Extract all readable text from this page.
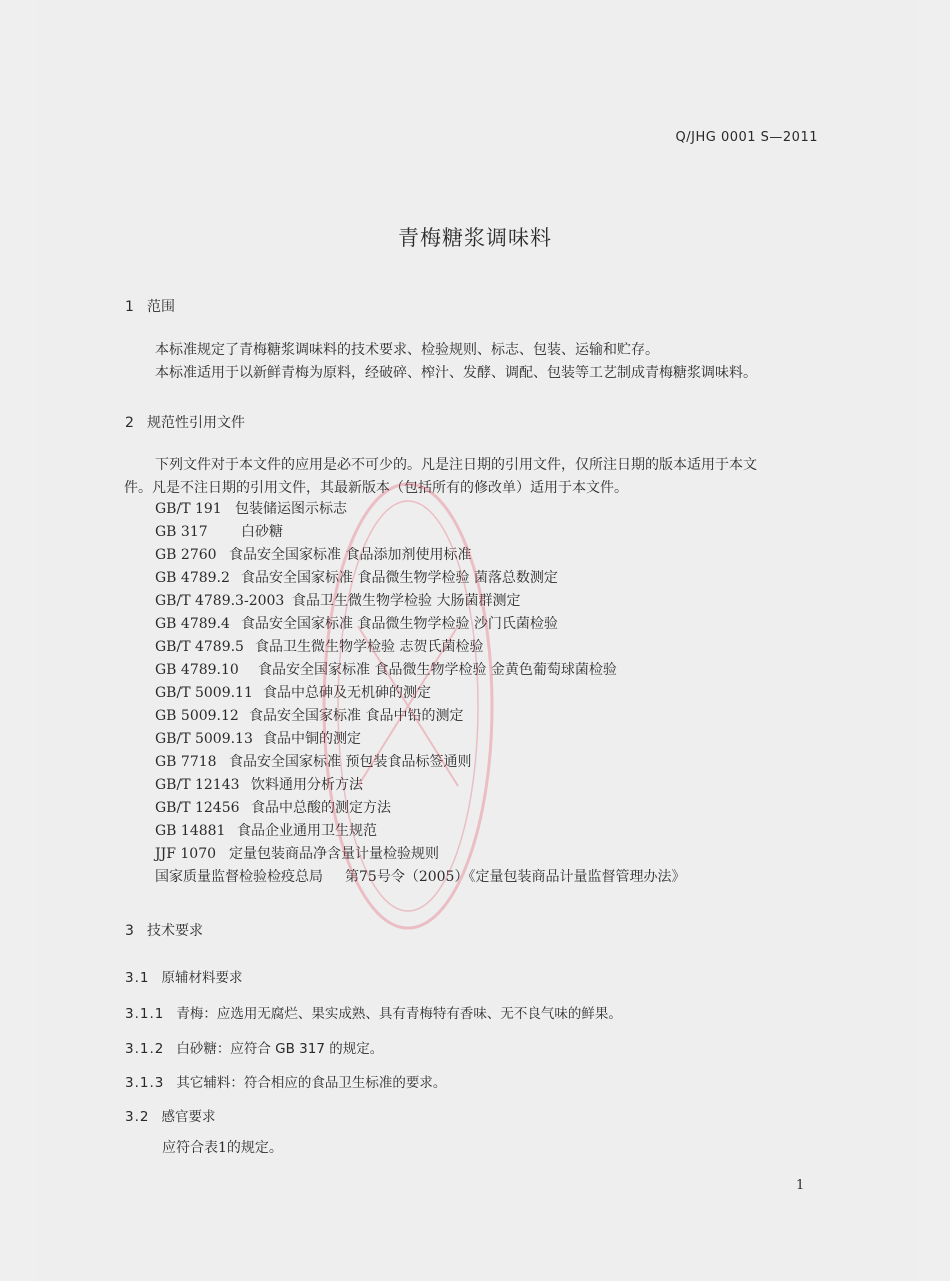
Q/JHG 0001 S—2011
青梅糖浆调味料
1 范围
本标准规定了青梅糖浆调味料的技术要求、检验规则、标志、包装、运输和贮存。
本标准适用于以新鲜青梅为原料，经破碎、榨汁、发酵、调配、包装等工艺制成青梅糖浆调味料。
2 规范性引用文件
下列文件对于本文件的应用是必不可少的。凡是注日期的引用文件，仅所注日期的版本适用于本文
件。凡是不注日期的引用文件，其最新版本（包括所有的修改单）适用于本文件。
GB/T 191 包装储运图示标志
GB 317 白砂糖
GB 2760 食品安全国家标准 食品添加剂使用标准
GB 4789.2 食品安全国家标准 食品微生物学检验 菌落总数测定
GB/T 4789.3-2003 食品卫生微生物学检验 大肠菌群测定
GB 4789.4 食品安全国家标准 食品微生物学检验 沙门氏菌检验
GB/T 4789.5 食品卫生微生物学检验 志贺氏菌检验
GB 4789.10 食品安全国家标准 食品微生物学检验 金黄色葡萄球菌检验
GB/T 5009.11 食品中总砷及无机砷的测定
GB 5009.12 食品安全国家标准 食品中铅的测定
GB/T 5009.13 食品中铜的测定
GB 7718 食品安全国家标准 预包装食品标签通则
GB/T 12143 饮料通用分析方法
GB/T 12456 食品中总酸的测定方法
GB 14881 食品企业通用卫生规范
JJF 1070 定量包装商品净含量计量检验规则
国家质量监督检验检疫总局 第75号令（2005）《定量包装商品计量监督管理办法》
3 技术要求
3.1 原辅材料要求
3.1.1 青梅：应选用无腐烂、果实成熟、具有青梅特有香味、无不良气味的鲜果。
3.1.2 白砂糖：应符合 GB 317 的规定。
3.1.3 其它辅料：符合相应的食品卫生标准的要求。
3.2 感官要求
应符合表1的规定。
1
